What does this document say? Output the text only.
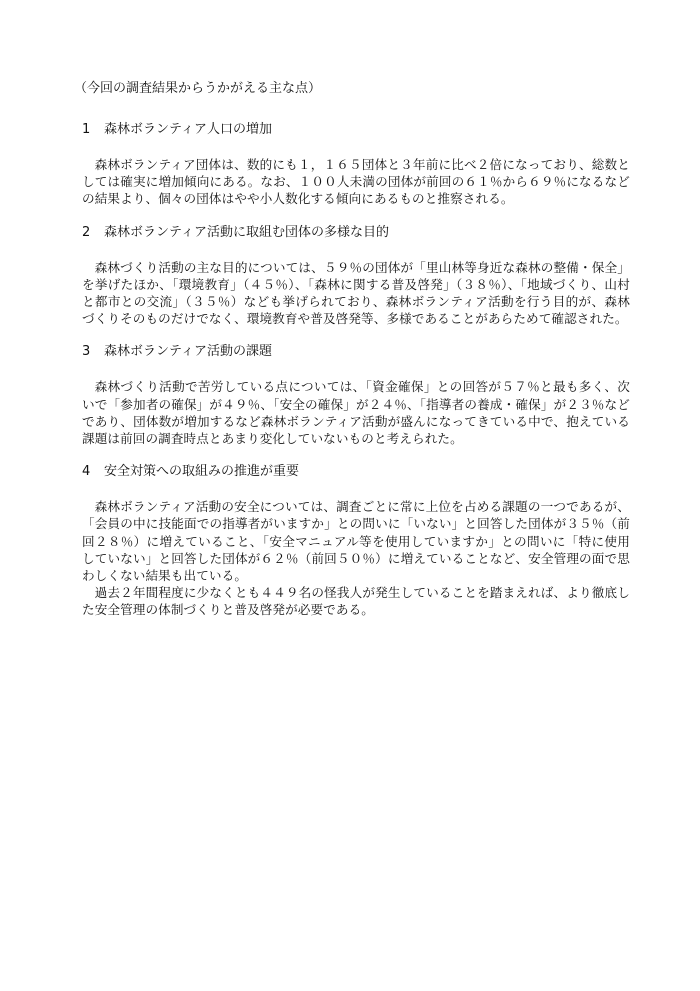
（今回の調査結果からうかがえる主な点）
1	森林ボランティア人口の増加

森林ボランティア団体は、数的にも１，１６５団体と３年前に比べ２倍になっており、総数としては確実に増加傾向にある。なお、１００人未満の団体が前回の６１％から６９％になるなどの結果より、個々の団体はやや小人数化する傾向にあるものと推察される。

2	森林ボランティア活動に取組む団体の多様な目的

森林づくり活動の主な目的については、５９％の団体が「里山林等身近な森林の整備・保全」を挙げたほか、「環境教育」（４５％）、「森林に関する普及啓発」（３８％）、「地域づくり、山村と都市との交流」（３５％）なども挙げられており、森林ボランティア活動を行う目的が、森林づくりそのものだけでなく、環境教育や普及啓発等、多様であることがあらためて確認された。

3	森林ボランティア活動の課題

森林づくり活動で苦労している点については、「資金確保」との回答が５７％と最も多く、次いで「参加者の確保」が４９％、「安全の確保」が２４％、「指導者の養成・確保」が２３％などであり、団体数が増加するなど森林ボランティア活動が盛んになってきている中で、抱えている課題は前回の調査時点とあまり変化していないものと考えられた。

4	安全対策への取組みの推進が重要

森林ボランティア活動の安全については、調査ごとに常に上位を占める課題の一つであるが、「会員の中に技能面での指導者がいますか」との問いに「いない」と回答した団体が３５％（前回２８％）に増えていること、「安全マニュアル等を使用していますか」との問いに「特に使用していない」と回答した団体が６２％（前回５０％）に増えていることなど、安全管理の面で思わしくない結果も出ている。

過去２年間程度に少なくとも４４９名の怪我人が発生していることを踏まえれば、より徹底した安全管理の体制づくりと普及啓発が必要である。
